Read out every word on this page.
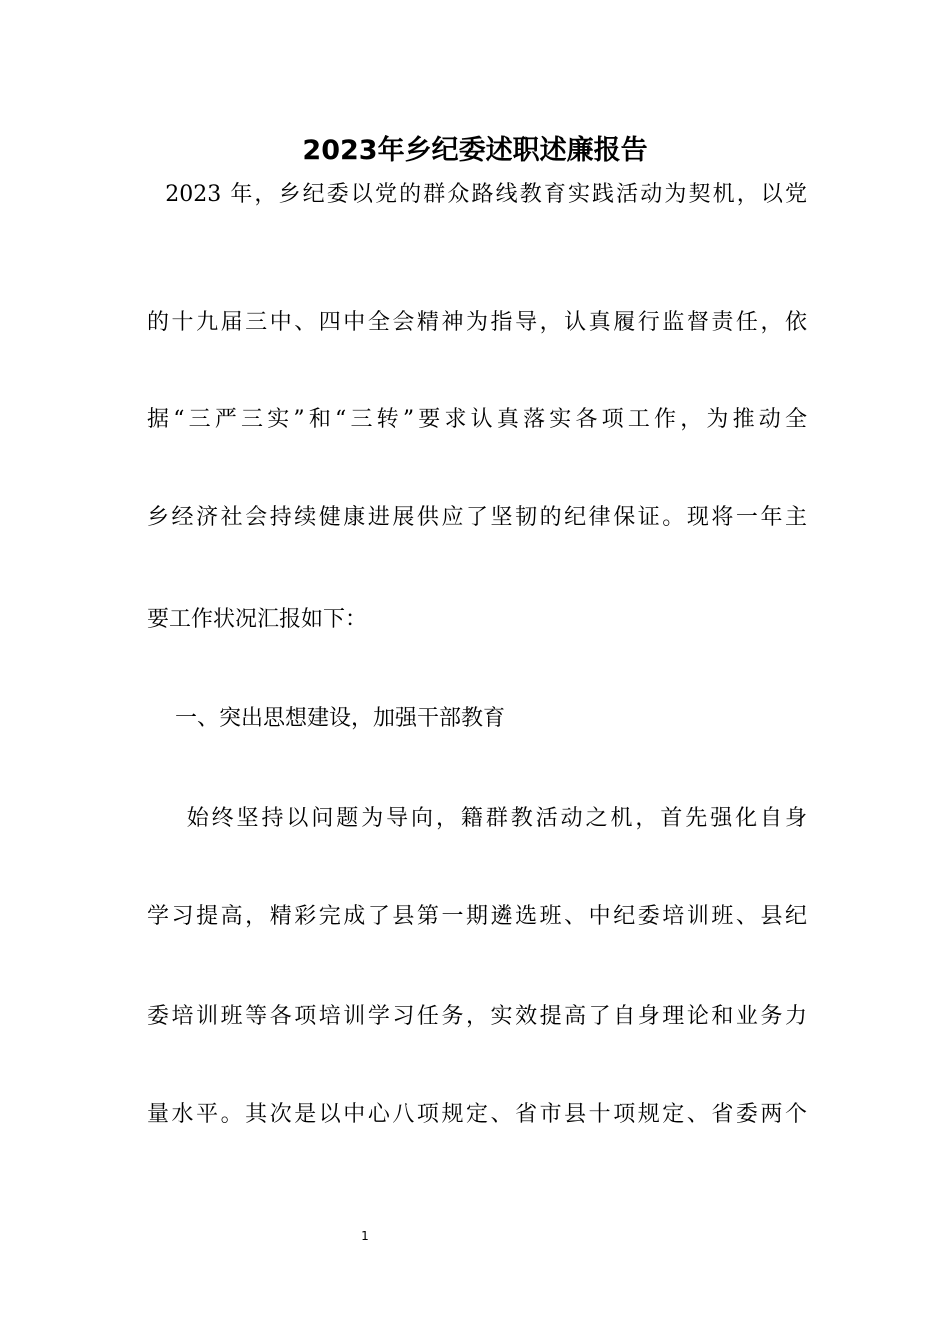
2023年乡纪委述职述廉报告

2023 年，乡纪委以党的群众路线教育实践活动为契机，以党

的十九届三中、四中全会精神为指导，认真履行监督责任，依

据“三严三实”和“三转”要求认真落实各项工作，为推动全

乡经济社会持续健康进展供应了坚韧的纪律保证。现将一年主

要工作状况汇报如下：

一、突出思想建设，加强干部教育

始终坚持以问题为导向，籍群教活动之机，首先强化自身

学习提高，精彩完成了县第一期遴选班、中纪委培训班、县纪

委培训班等各项培训学习任务，实效提高了自身理论和业务力

量水平。其次是以中心八项规定、省市县十项规定、省委两个

1
